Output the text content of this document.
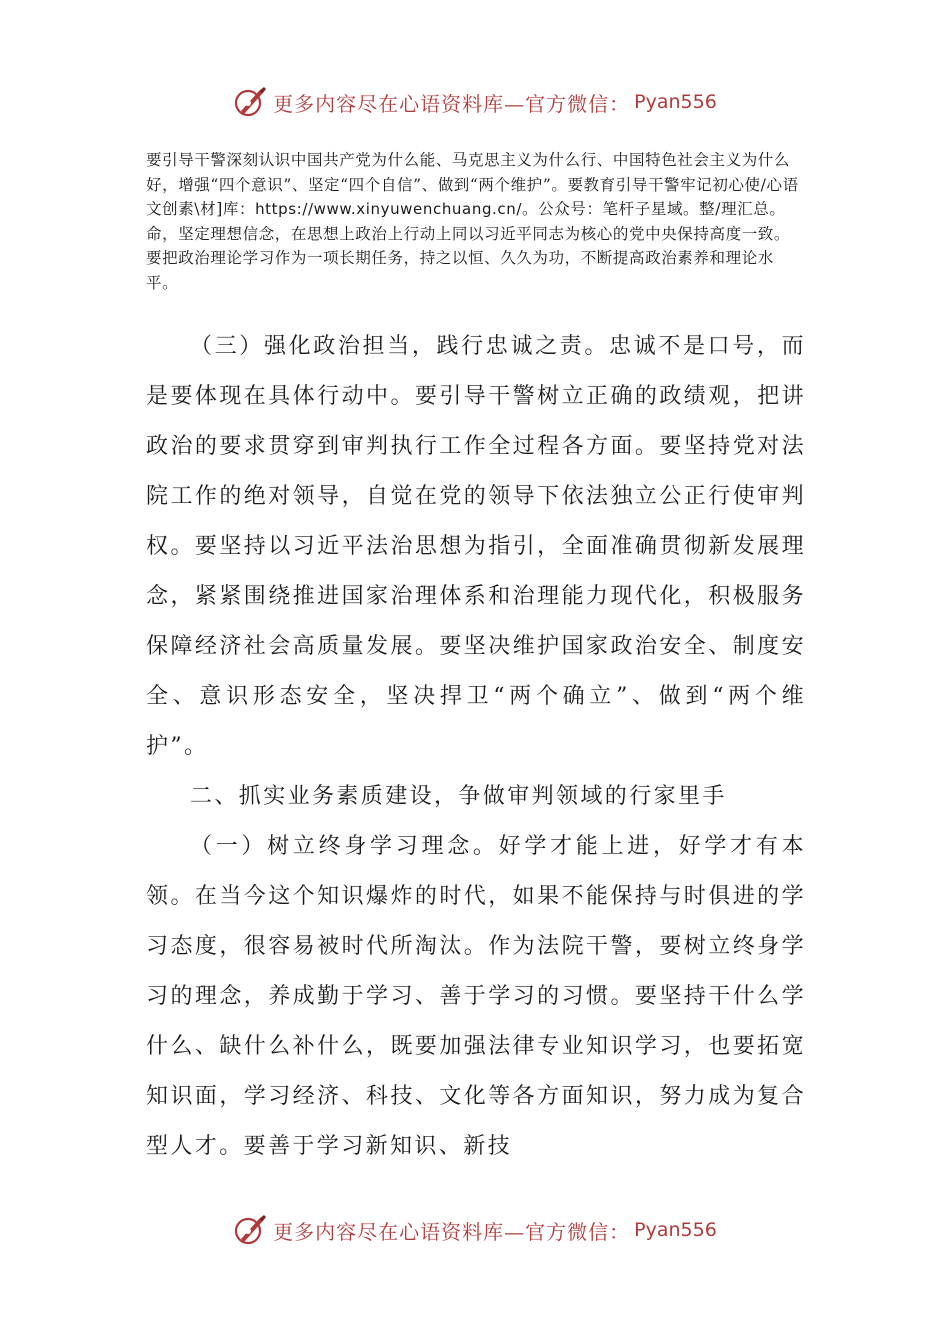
更多内容尽在心语资料库—官方微信： Pyan556

要引导干警深刻认识中国共产党为什么能、马克思主义为什么行、中国特色社会主义为什么好，增强“四个意识”、坚定“四个自信”、做到“两个维护”。要教育引导干警牢记初心使/心语文创素\材]库：https://www.xinyuwenchuang.cn/。公众号：笔杆子星域。整/理汇总。命，坚定理想信念，在思想上政治上行动上同以习近平同志为核心的党中央保持高度一致。要把政治理论学习作为一项长期任务，持之以恒、久久为功，不断提高政治素养和理论水平。

（三）强化政治担当，践行忠诚之责。忠诚不是口号，而是要体现在具体行动中。要引导干警树立正确的政绩观，把讲政治的要求贯穿到审判执行工作全过程各方面。要坚持党对法院工作的绝对领导，自觉在党的领导下依法独立公正行使审判权。要坚持以习近平法治思想为指引，全面准确贯彻新发展理念，紧紧围绕推进国家治理体系和治理能力现代化，积极服务保障经济社会高质量发展。要坚决维护国家政治安全、制度安全、意识形态安全，坚决捍卫“两个确立”、做到“两个维护”。

二、抓实业务素质建设，争做审判领域的行家里手

（一）树立终身学习理念。好学才能上进，好学才有本领。在当今这个知识爆炸的时代，如果不能保持与时俱进的学习态度，很容易被时代所淘汰。作为法院干警，要树立终身学习的理念，养成勤于学习、善于学习的习惯。要坚持干什么学什么、缺什么补什么，既要加强法律专业知识学习，也要拓宽知识面，学习经济、科技、文化等各方面知识，努力成为复合型人才。要善于学习新知识、新技

更多内容尽在心语资料库—官方微信： Pyan556
